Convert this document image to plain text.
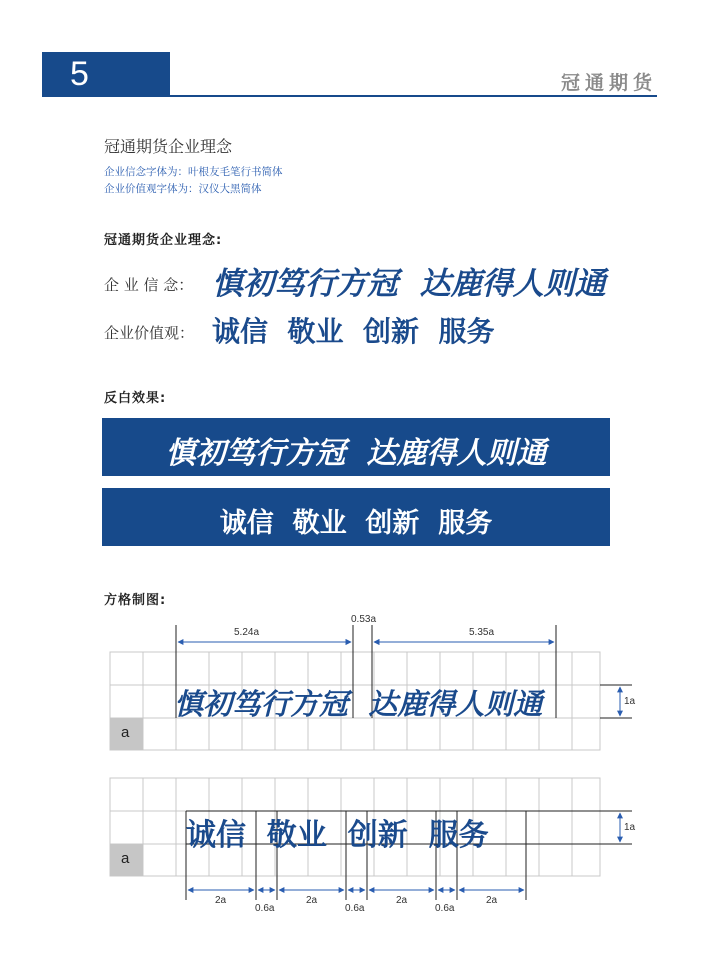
5	冠通期货
冠通期货企业理念
企业信念字体为：叶根友毛笔行书简体
企业价值观字体为：汉仪大黑简体
冠通期货企业理念:
企 业 信 念： 慎初笃行方冠  达鹿得人则通
企业价值观： 诚信  敬业  创新  服务
反白效果:
慎初笃行方冠  达鹿得人则通
诚信  敬业  创新  服务
方格制图:
慎初笃行方冠  达鹿得人则通
a
5.24a
0.53a
5.35a
1a
诚信  敬业  创新  服务
a
1a
2a
0.6a
2a
0.6a
2a
0.6a
2a
